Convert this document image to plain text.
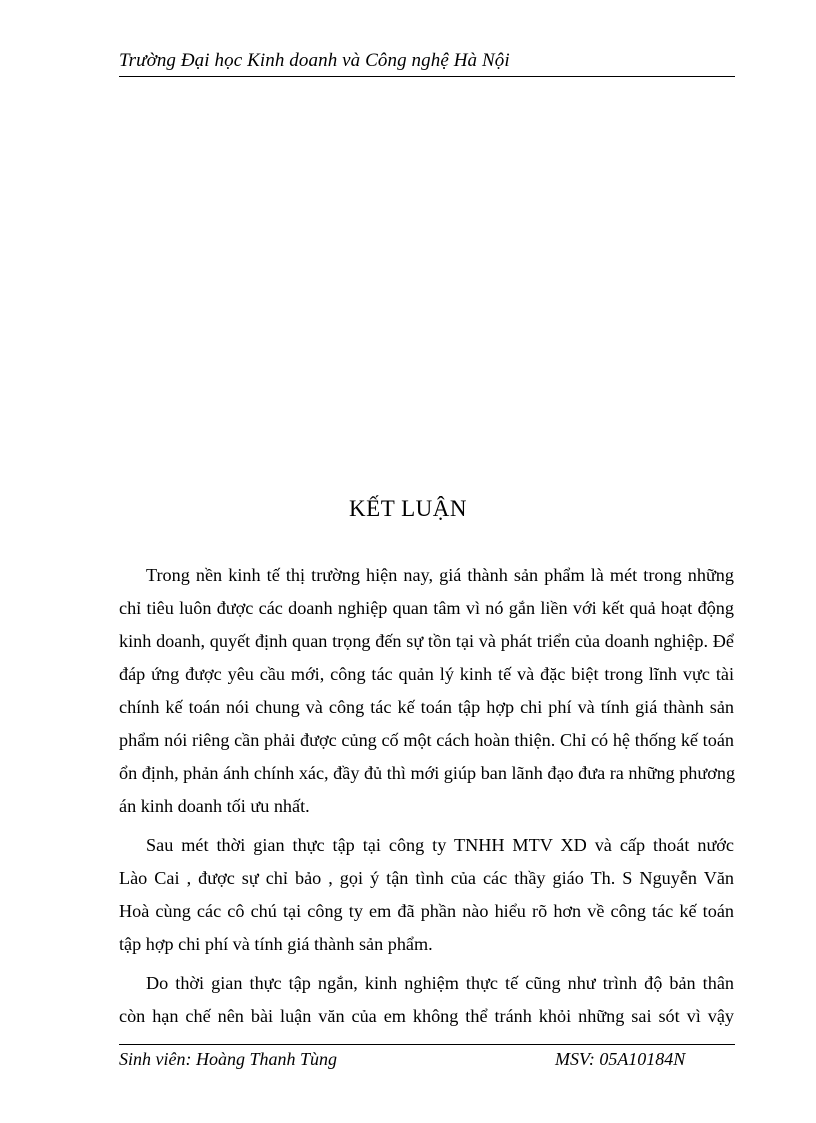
Trường Đại học Kinh doanh và Công nghệ Hà Nội
KẾT LUẬN
Trong nền kinh tế thị trường hiện nay, giá thành sản phẩm là mét trong những
chỉ tiêu luôn được các doanh nghiệp quan tâm vì nó gắn liền với kết quả hoạt động
kinh doanh, quyết định quan trọng đến sự tồn tại và phát triển của doanh nghiệp. Để
đáp ứng được yêu cầu mới, công tác quản lý kinh tế và đặc biệt trong lĩnh vực tài
chính kế toán nói chung và công tác kế toán tập hợp chi phí và tính giá thành sản
phẩm nói riêng cần phải được củng cố một cách hoàn thiện. Chỉ có hệ thống kế toán
ổn định, phản ánh chính xác, đầy đủ thì mới giúp ban lãnh đạo đưa ra những phương
án kinh doanh tối ưu nhất.
Sau mét thời gian thực tập tại công ty TNHH MTV XD và cấp thoát nước
Lào Cai , được sự chỉ bảo , gọi ý tận tình của các thầy giáo Th. S Nguyễn Văn
Hoà cùng các cô chú tại công ty em đã phần nào hiểu rõ hơn về công tác kế toán
tập hợp chi phí và tính giá thành sản phẩm.
Do thời gian thực tập ngắn, kinh nghiệm thực tế cũng như trình độ bản thân
còn hạn chế nên bài luận văn của em không thể tránh khỏi những sai sót vì vậy
Sinh viên: Hoàng Thanh Tùng	MSV: 05A10184N
